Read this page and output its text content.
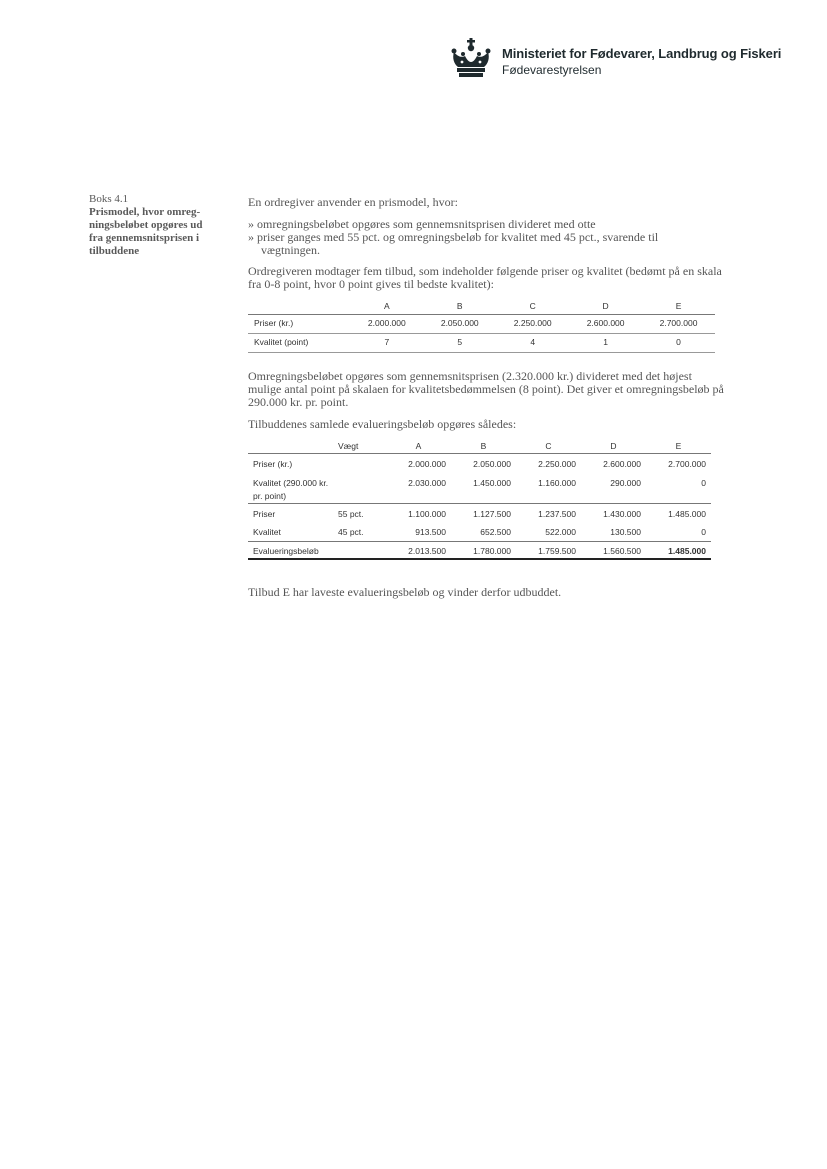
Ministeriet for Fødevarer, Landbrug og Fiskeri
Fødevarestyrelsen
Boks 4.1
Prismodel, hvor omreg-
ningsbeløbet opgøres ud
fra gennemsnitsprisen i
tilbuddene

En ordregiver anvender en prismodel, hvor:

» omregningsbeløbet opgøres som gennemsnitsprisen divideret med otte
» priser ganges med 55 pct. og omregningsbeløb for kvalitet med 45 pct., svarende til
vægtningen.

Ordregiveren modtager fem tilbud, som indeholder følgende priser og kvalitet (bedømt på en skala fra 0-8 point, hvor 0 point gives til bedste kvalitet):

	A	B	C	D	E
Priser (kr.)	2.000.000	2.050.000	2.250.000	2.600.000	2.700.000
Kvalitet (point)	7	5	4	1	0

Omregningsbeløbet opgøres som gennemsnitsprisen (2.320.000 kr.) divideret med det højest mulige antal point på skalaen for kvalitetsbedømmelsen (8 point). Det giver et omregningsbeløb på 290.000 kr. pr. point.

Tilbuddenes samlede evalueringsbeløb opgøres således:

	Vægt	A	B	C	D	E
Priser (kr.)		2.000.000	2.050.000	2.250.000	2.600.000	2.700.000
Kvalitet (290.000 kr. pr. point)		2.030.000	1.450.000	1.160.000	290.000	0
Priser	55 pct.	1.100.000	1.127.500	1.237.500	1.430.000	1.485.000
Kvalitet	45 pct.	913.500	652.500	522.000	130.500	0
Evalueringsbeløb		2.013.500	1.780.000	1.759.500	1.560.500	1.485.000

Tilbud E har laveste evalueringsbeløb og vinder derfor udbuddet.
